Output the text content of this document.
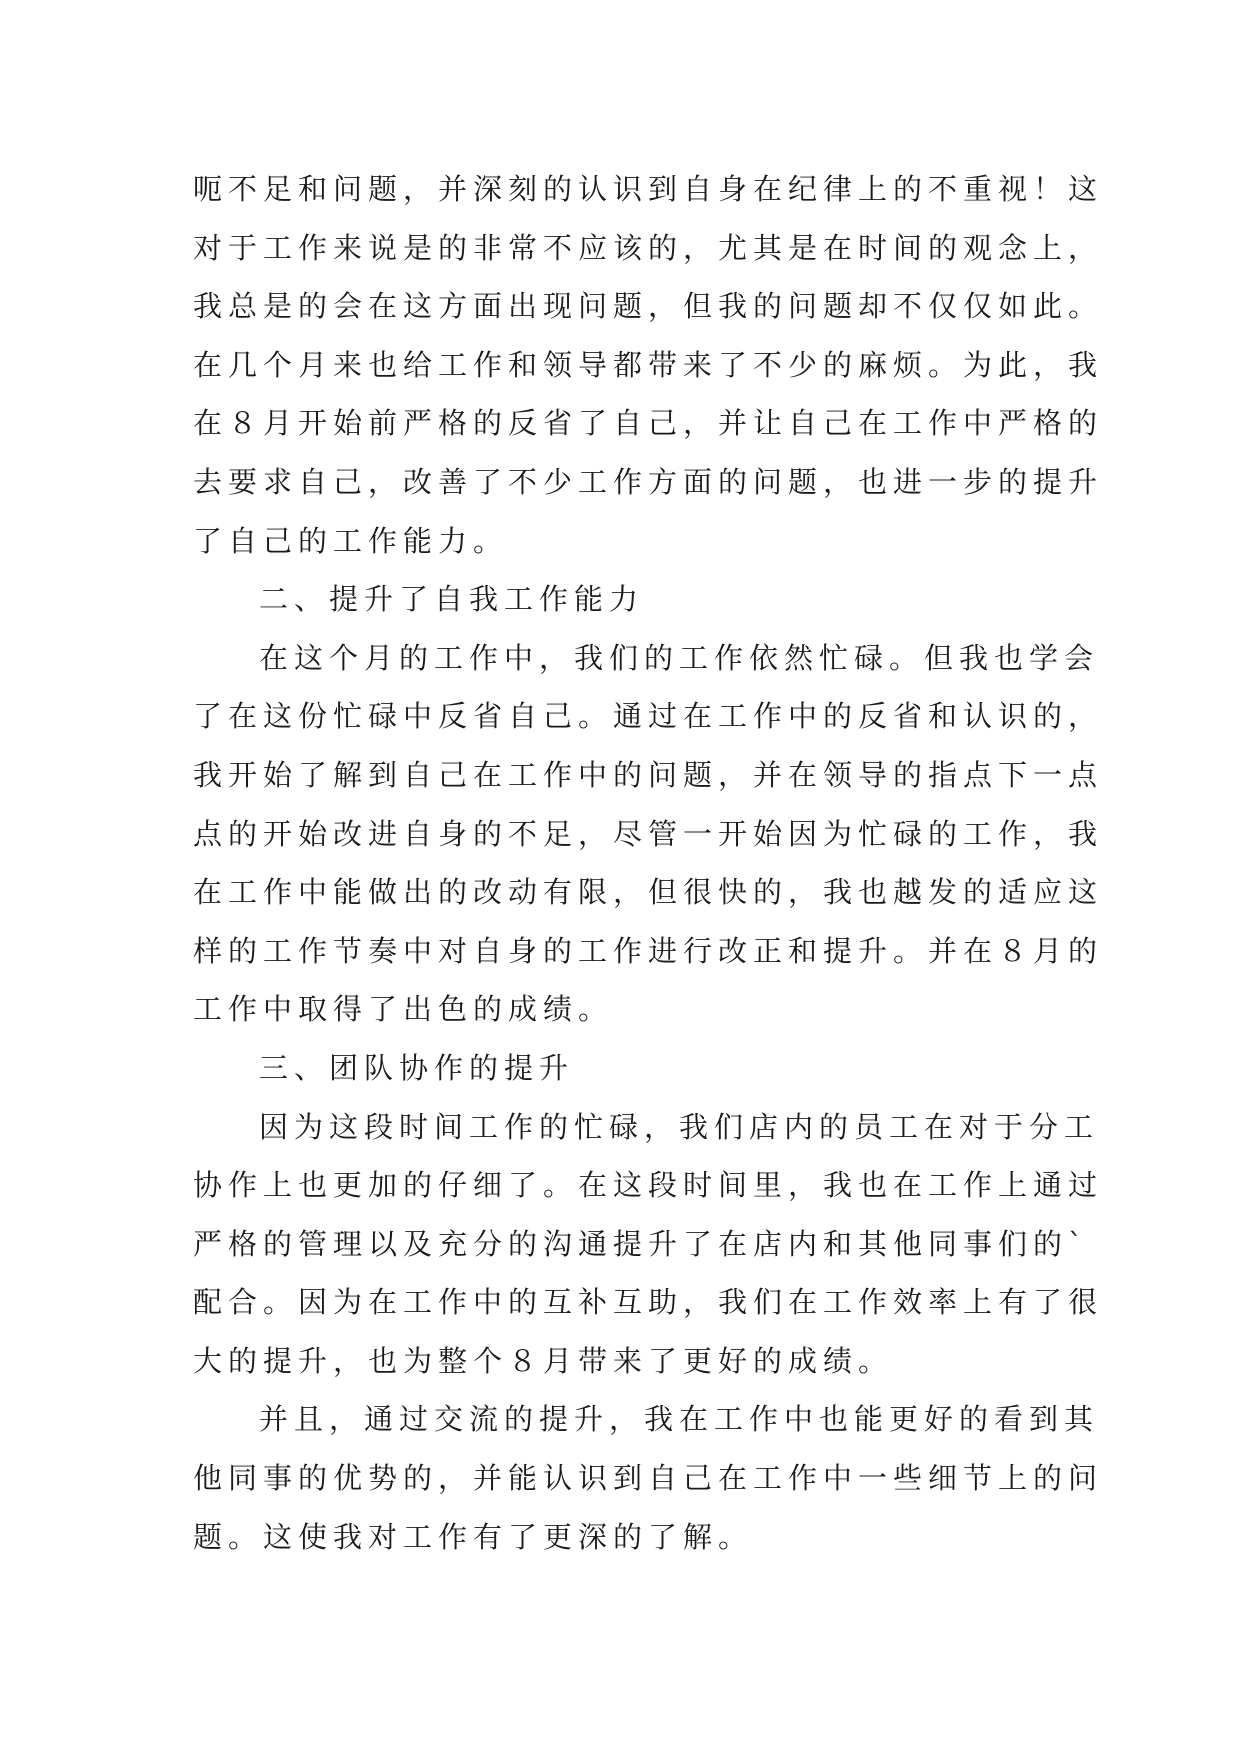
呃不足和问题，并深刻的认识到自身在纪律上的不重视！这
对于工作来说是的非常不应该的，尤其是在时间的观念上，
我总是的会在这方面出现问题，但我的问题却不仅仅如此。
在几个月来也给工作和领导都带来了不少的麻烦。为此，我
在８月开始前严格的反省了自己，并让自己在工作中严格的
去要求自己，改善了不少工作方面的问题，也进一步的提升
了自己的工作能力。
二、提升了自我工作能力
在这个月的工作中，我们的工作依然忙碌。但我也学会
了在这份忙碌中反省自己。通过在工作中的反省和认识的，
我开始了解到自己在工作中的问题，并在领导的指点下一点
点的开始改进自身的不足，尽管一开始因为忙碌的工作，我
在工作中能做出的改动有限，但很快的，我也越发的适应这
样的工作节奏中对自身的工作进行改正和提升。并在８月的
工作中取得了出色的成绩。
三、团队协作的提升
因为这段时间工作的忙碌，我们店内的员工在对于分工
协作上也更加的仔细了。在这段时间里，我也在工作上通过
严格的管理以及充分的沟通提升了在店内和其他同事们的`
配合。因为在工作中的互补互助，我们在工作效率上有了很
大的提升，也为整个８月带来了更好的成绩。
并且，通过交流的提升，我在工作中也能更好的看到其
他同事的优势的，并能认识到自己在工作中一些细节上的问
题。这使我对工作有了更深的了解。
